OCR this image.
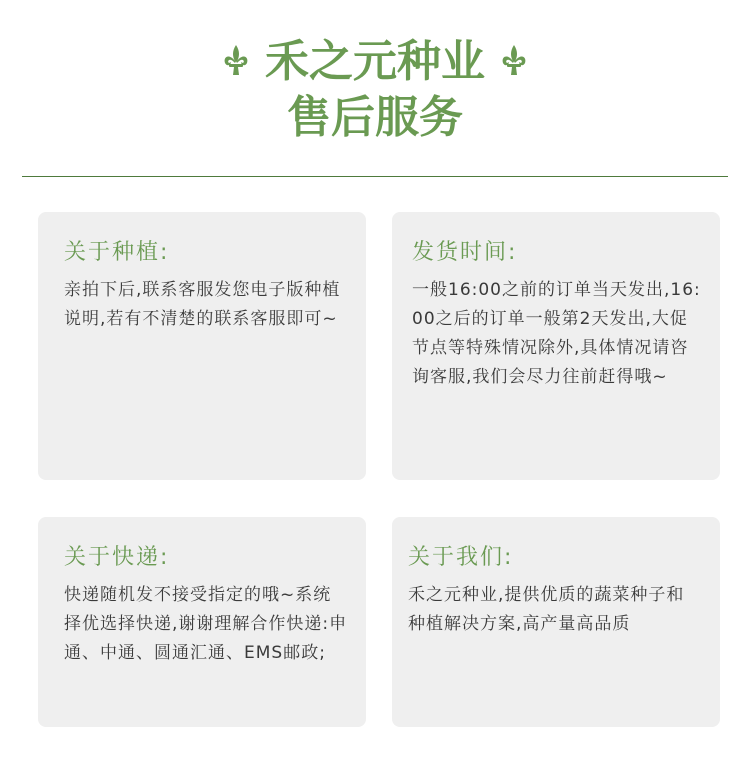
禾之元种业
售后服务
关于种植:
亲拍下后,联系客服发您电子版种植说明,若有不清楚的联系客服即可~
发货时间:
一般16:00之前的订单当天发出,16:00之后的订单一般第2天发出,大促节点等特殊情况除外,具体情况请咨询客服,我们会尽力往前赶得哦~
关于快递:
快递随机发不接受指定的哦~系统择优选择快递,谢谢理解合作快递:申通、中通、圆通汇通、EMS邮政;
关于我们:
禾之元种业,提供优质的蔬菜种子和种植解决方案,高产量高品质
